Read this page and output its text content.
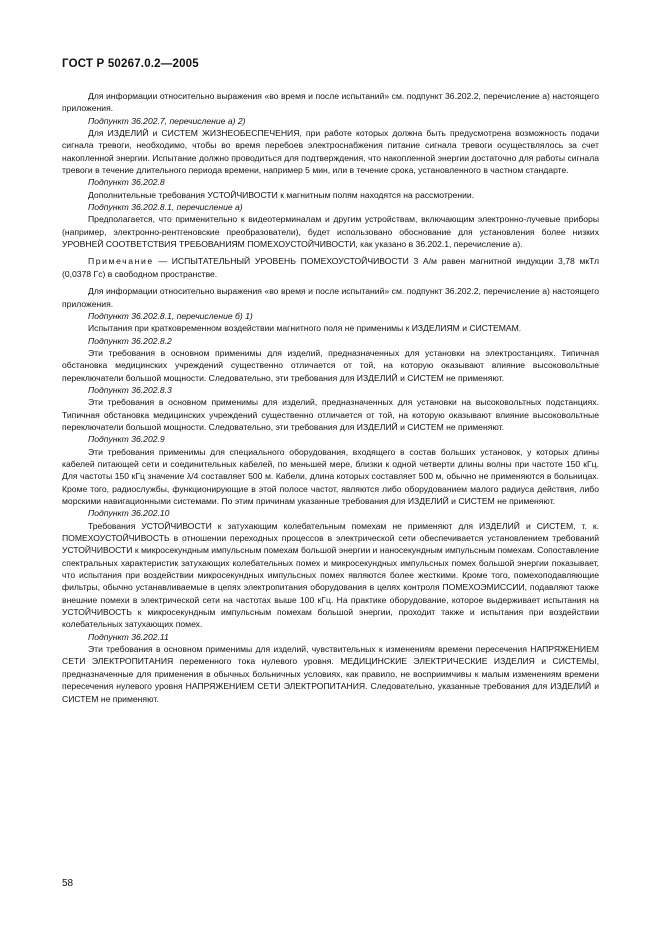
ГОСТ Р 50267.0.2—2005

Для информации относительно выражения «во время и после испытаний» см. подпункт 36.202.2, перечисление а) настоящего приложения.

Подпункт 36.202.7, перечисление а) 2)

Для ИЗДЕЛИЙ и СИСТЕМ ЖИЗНЕОБЕСПЕЧЕНИЯ, при работе которых должна быть предусмотрена возможность подачи сигнала тревоги, необходимо, чтобы во время перебоев электроснабжения питание сигнала тревоги осуществлялось за счет накопленной энергии. Испытание должно проводиться для подтверждения, что накопленной энергии достаточно для работы сигнала тревоги в течение длительного периода времени, например 5 мин, или в течение срока, установленного в частном стандарте.

Подпункт 36.202.8

Дополнительные требования УСТОЙЧИВОСТИ к магнитным полям находятся на рассмотрении.

Подпункт 36.202.8.1, перечисление а)

Предполагается, что применительно к видеотерминалам и другим устройствам, включающим электронно-лучевые приборы (например, электронно-рентгеновские преобразователи), будет использовано обоснование для установления более низких УРОВНЕЙ СООТВЕТСТВИЯ ТРЕБОВАНИЯМ ПОМЕХОУСТОЙЧИВОСТИ, как указано в 36.202.1, перечисление а).

Примечание — ИСПЫТАТЕЛЬНЫЙ УРОВЕНЬ ПОМЕХОУСТОЙЧИВОСТИ 3 А/м равен магнитной индукции 3,78 мкТл (0,0378 Гс) в свободном пространстве.

Для информации относительно выражения «во время и после испытаний» см. подпункт 36.202.2, перечисление а) настоящего приложения.

Подпункт 36.202.8.1, перечисление б) 1)

Испытания при кратковременном воздействии магнитного поля не применимы к ИЗДЕЛИЯМ и СИСТЕМАМ.

Подпункт 36.202.8.2

Эти требования в основном применимы для изделий, предназначенных для установки на электростанциях. Типичная обстановка медицинских учреждений существенно отличается от той, на которую оказывают влияние высоковольтные переключатели большой мощности. Следовательно, эти требования для ИЗДЕЛИЙ и СИСТЕМ не применяют.

Подпункт 36.202.8.3

Эти требования в основном применимы для изделий, предназначенных для установки на высоковольтных подстанциях. Типичная обстановка медицинских учреждений существенно отличается от той, на которую оказывают влияние высоковольтные переключатели большой мощности. Следовательно, эти требования для ИЗДЕЛИЙ и СИСТЕМ не применяют.

Подпункт 36.202.9

Эти требования применимы для специального оборудования, входящего в состав больших установок, у которых длины кабелей питающей сети и соединительных кабелей, по меньшей мере, близки к одной четверти длины волны при частоте 150 кГц. Для частоты 150 кГц значение λ/4 составляет 500 м. Кабели, длина которых составляет 500 м, обычно не применяются в больницах. Кроме того, радиослужбы, функционирующие в этой полосе частот, являются либо оборудованием малого радиуса действия, либо морскими навигационными системами. По этим причинам указанные требования для ИЗДЕЛИЙ и СИСТЕМ не применяют.

Подпункт 36.202.10

Требования УСТОЙЧИВОСТИ к затухающим колебательным помехам не применяют для ИЗДЕЛИЙ и СИСТЕМ, т. к. ПОМЕХОУСТОЙЧИВОСТЬ в отношении переходных процессов в электрической сети обеспечивается установлением требований УСТОЙЧИВОСТИ к микросекундным импульсным помехам большой энергии и наносекундным импульсным помехам. Сопоставление спектральных характеристик затухающих колебательных помех и микросекундных импульсных помех большой энергии показывает, что испытания при воздействии микросекундных импульсных помех являются более жесткими. Кроме того, помехоподавляющие фильтры, обычно устанавливаемые в цепях электропитания оборудования в целях контроля ПОМЕХОЭМИССИИ, подавляют также внешние помехи в электрической сети на частотах выше 100 кГц. На практике оборудование, которое выдерживает испытания на УСТОЙЧИВОСТЬ к микросекундным импульсным помехам большой энергии, проходит также и испытания при воздействии колебательных затухающих помех.

Подпункт 36.202.11

Эти требования в основном применимы для изделий, чувствительных к изменениям времени пересечения НАПРЯЖЕНИЕМ СЕТИ ЭЛЕКТРОПИТАНИЯ переменного тока нулевого уровня. МЕДИЦИНСКИЕ ЭЛЕКТРИЧЕСКИЕ ИЗДЕЛИЯ и СИСТЕМЫ, предназначенные для применения в обычных больничных условиях, как правило, не восприимчивы к малым изменениям времени пересечения нулевого уровня НАПРЯЖЕНИЕМ СЕТИ ЭЛЕКТРОПИТАНИЯ. Следовательно, указанные требования для ИЗДЕЛИЙ и СИСТЕМ не применяют.

58
